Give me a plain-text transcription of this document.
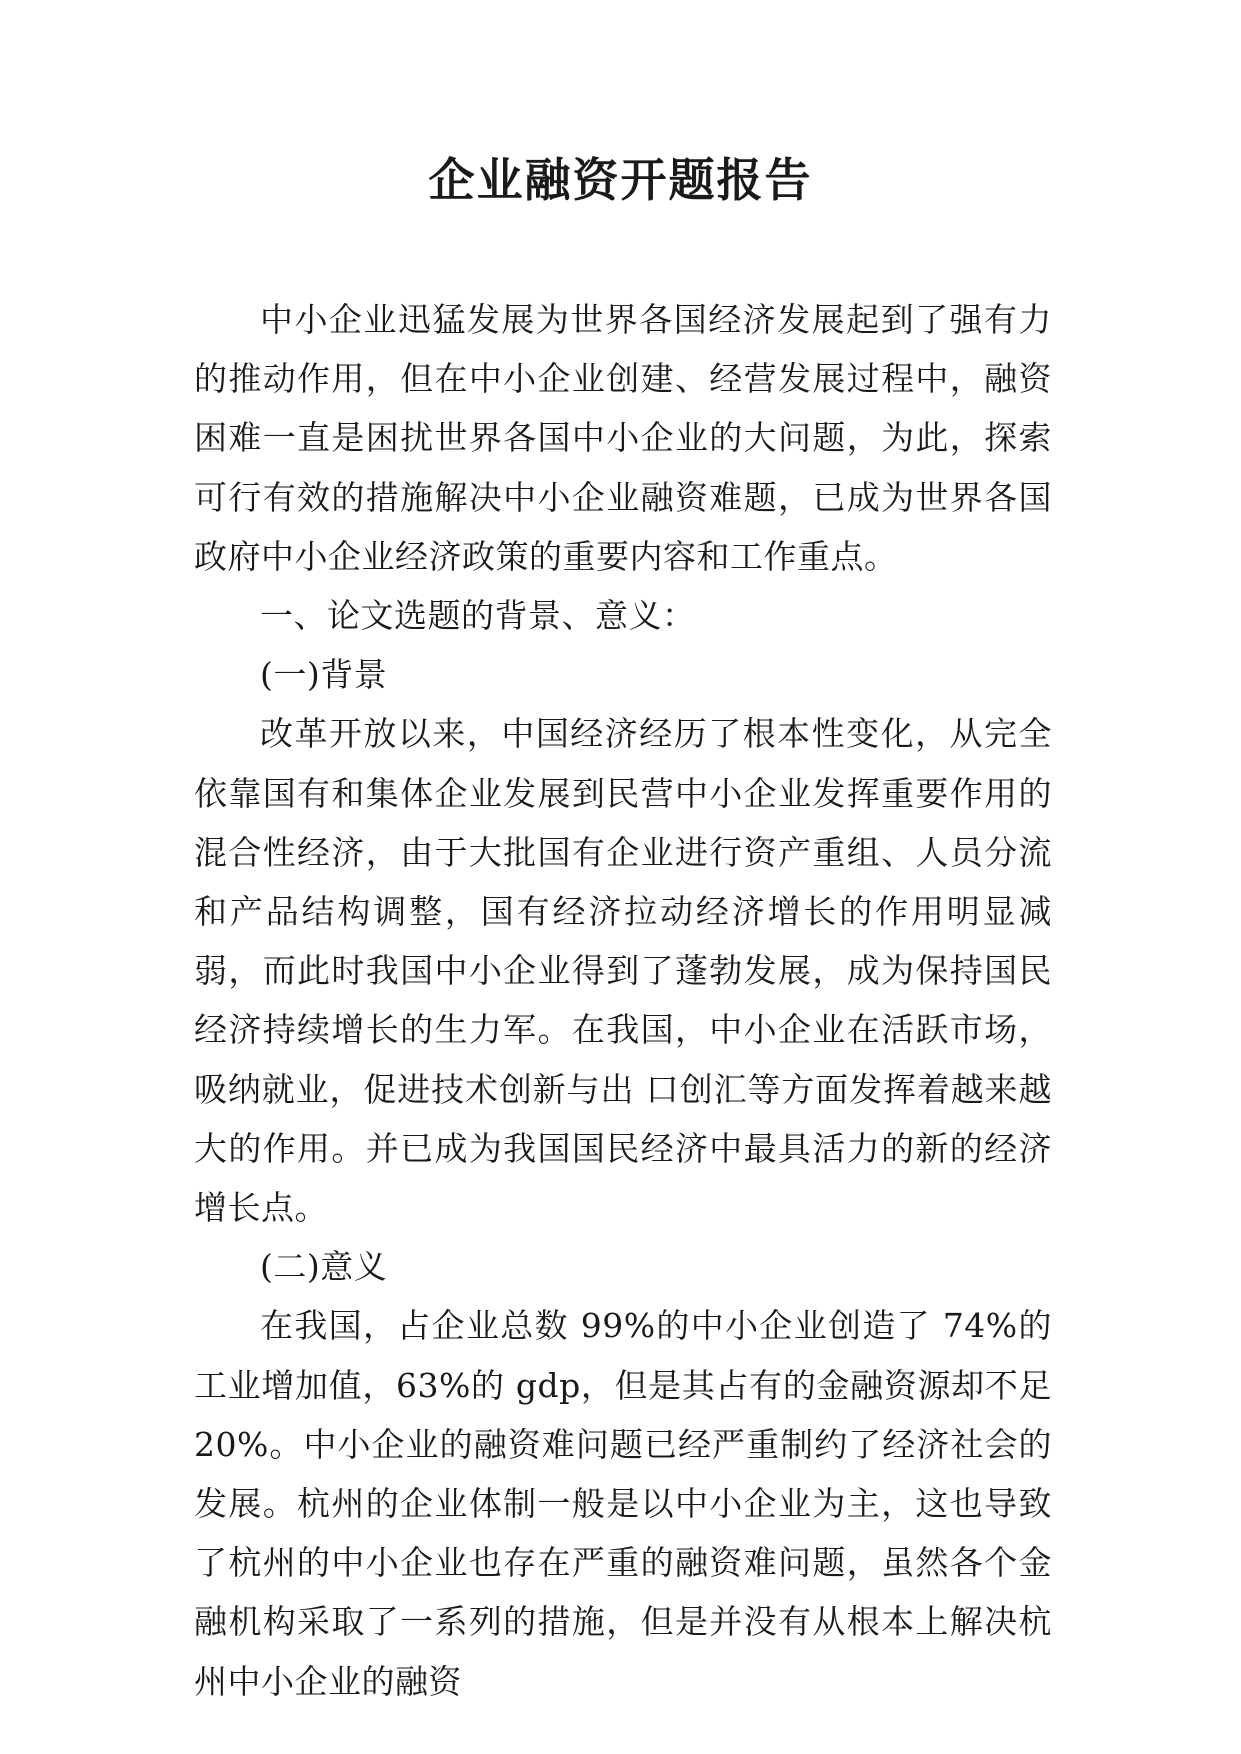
企业融资开题报告

中小企业迅猛发展为世界各国经济发展起到了强有力的推动作用，但在中小企业创建、经营发展过程中，融资困难一直是困扰世界各国中小企业的大问题，为此，探索可行有效的措施解决中小企业融资难题，已成为世界各国政府中小企业经济政策的重要内容和工作重点。

一、论文选题的背景、意义：

(一)背景

改革开放以来，中国经济经历了根本性变化，从完全依靠国有和集体企业发展到民营中小企业发挥重要作用的混合性经济，由于大批国有企业进行资产重组、人员分流和产品结构调整，国有经济拉动经济增长的作用明显减弱，而此时我国中小企业得到了蓬勃发展，成为保持国民经济持续增长的生力军。在我国，中小企业在活跃市场，吸纳就业，促进技术创新与出 口创汇等方面发挥着越来越大的作用。并已成为我国国民经济中最具活力的新的经济增长点。

(二)意义

在我国，占企业总数 99%的中小企业创造了 74%的工业增加值，63%的 gdp，但是其占有的金融资源却不足 20%。中小企业的融资难问题已经严重制约了经济社会的发展。杭州的企业体制一般是以中小企业为主，这也导致了杭州的中小企业也存在严重的融资难问题，虽然各个金融机构采取了一系列的措施，但是并没有从根本上解决杭州中小企业的融资
